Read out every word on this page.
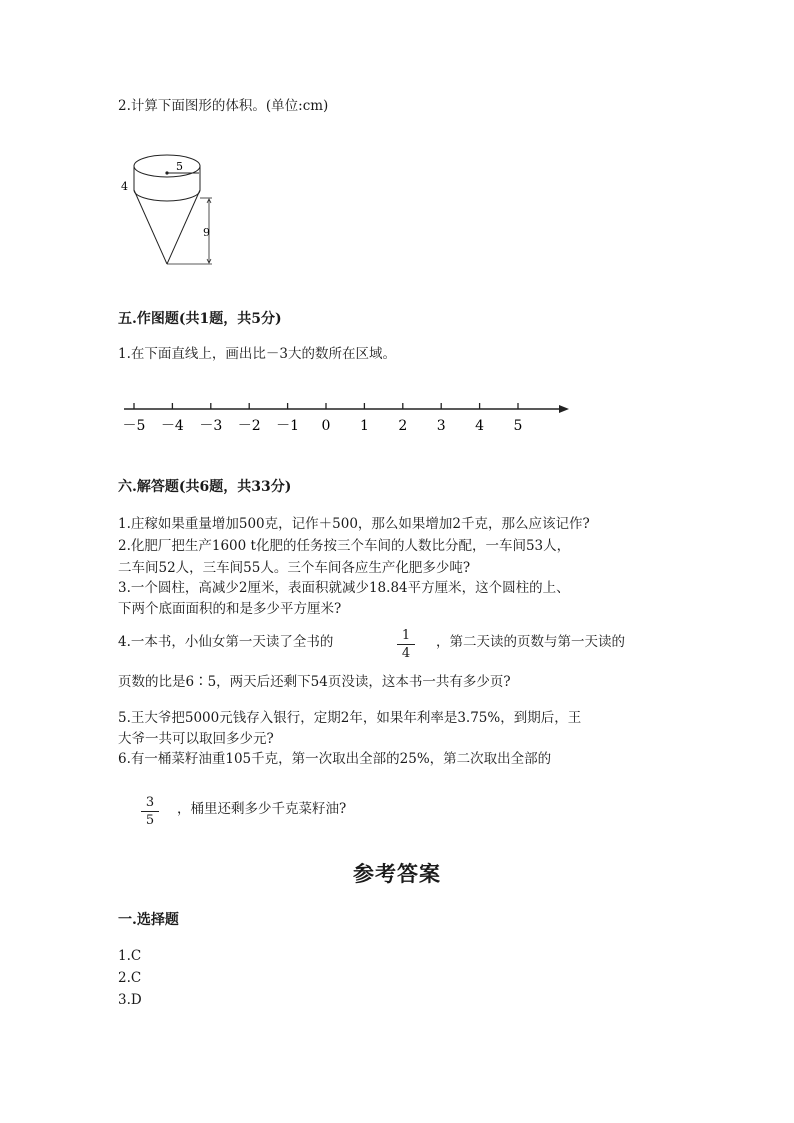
2.计算下面图形的体积。(单位:cm)
5
4
9
五.作图题(共1题，共5分)
1.在下面直线上，画出比－3大的数所在区域。
－5 －4 －3 －2 －1 0 1 2 3 4 5
六.解答题(共6题，共33分)
1.庄稼如果重量增加500克，记作＋500，那么如果增加2千克，那么应该记作?
2.化肥厂把生产1600 t化肥的任务按三个车间的人数比分配，一车间53人，
二车间52人，三车间55人。三个车间各应生产化肥多少吨?
3.一个圆柱，高减少2厘米，表面积就减少18.84平方厘米，这个圆柱的上、
下两个底面面积的和是多少平方厘米?
4.一本书，小仙女第一天读了全书的	1
4
，第二天读的页数与第一天读的
页数的比是6∶5，两天后还剩下54页没读，这本书一共有多少页?
5.王大爷把5000元钱存入银行，定期2年，如果年利率是3.75%，到期后，王
大爷一共可以取回多少元?
6.有一桶菜籽油重105千克，第一次取出全部的25%，第二次取出全部的
3
5
，桶里还剩多少千克菜籽油?
参考答案
一.选择题
1.C
2.C
3.D
